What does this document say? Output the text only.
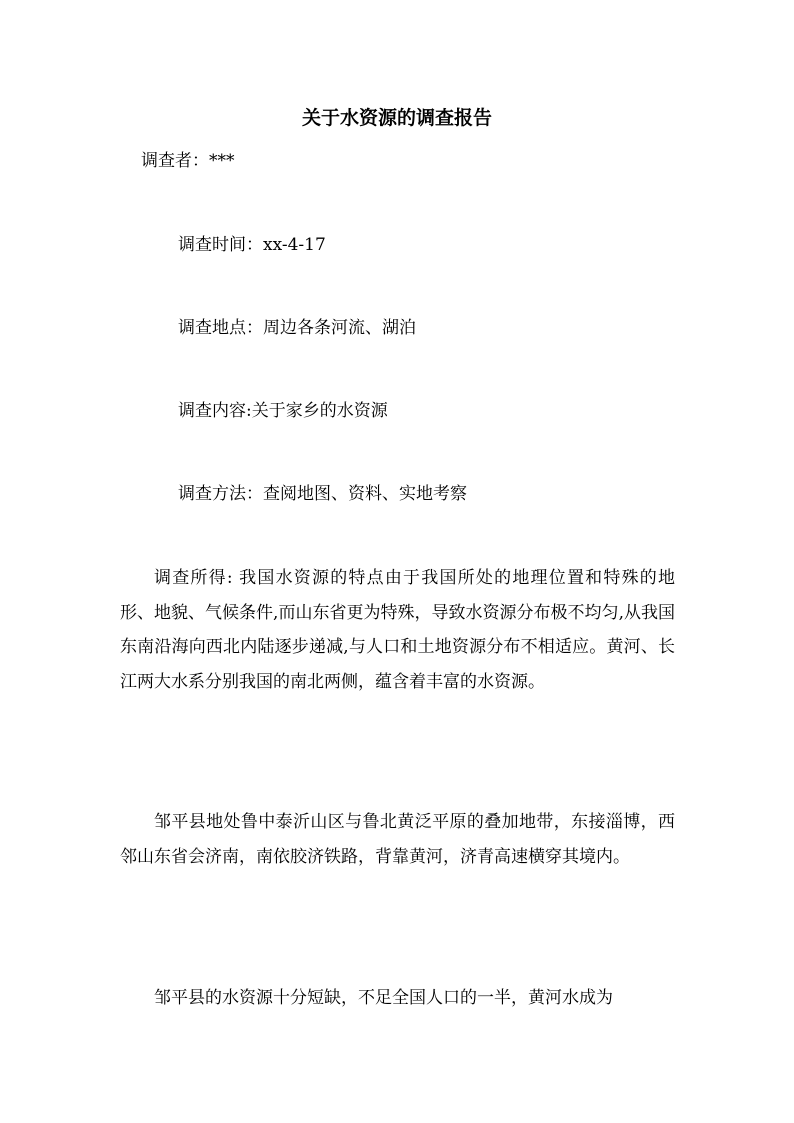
关于水资源的调查报告

调查者：***

调查时间：xx-4-17

调查地点：周边各条河流、湖泊

调查内容:关于家乡的水资源

调查方法：查阅地图、资料、实地考察

调查所得: 我国水资源的特点由于我国所处的地理位置和特殊的地形、地貌、气候条件,而山东省更为特殊，导致水资源分布极不均匀,从我国东南沿海向西北内陆逐步递减,与人口和土地资源分布不相适应。黄河、长江两大水系分别我国的南北两侧，蕴含着丰富的水资源。

邹平县地处鲁中泰沂山区与鲁北黄泛平原的叠加地带，东接淄博，西邻山东省会济南，南依胶济铁路，背靠黄河，济青高速横穿其境内。

邹平县的水资源十分短缺，不足全国人口的一半，黄河水成为
